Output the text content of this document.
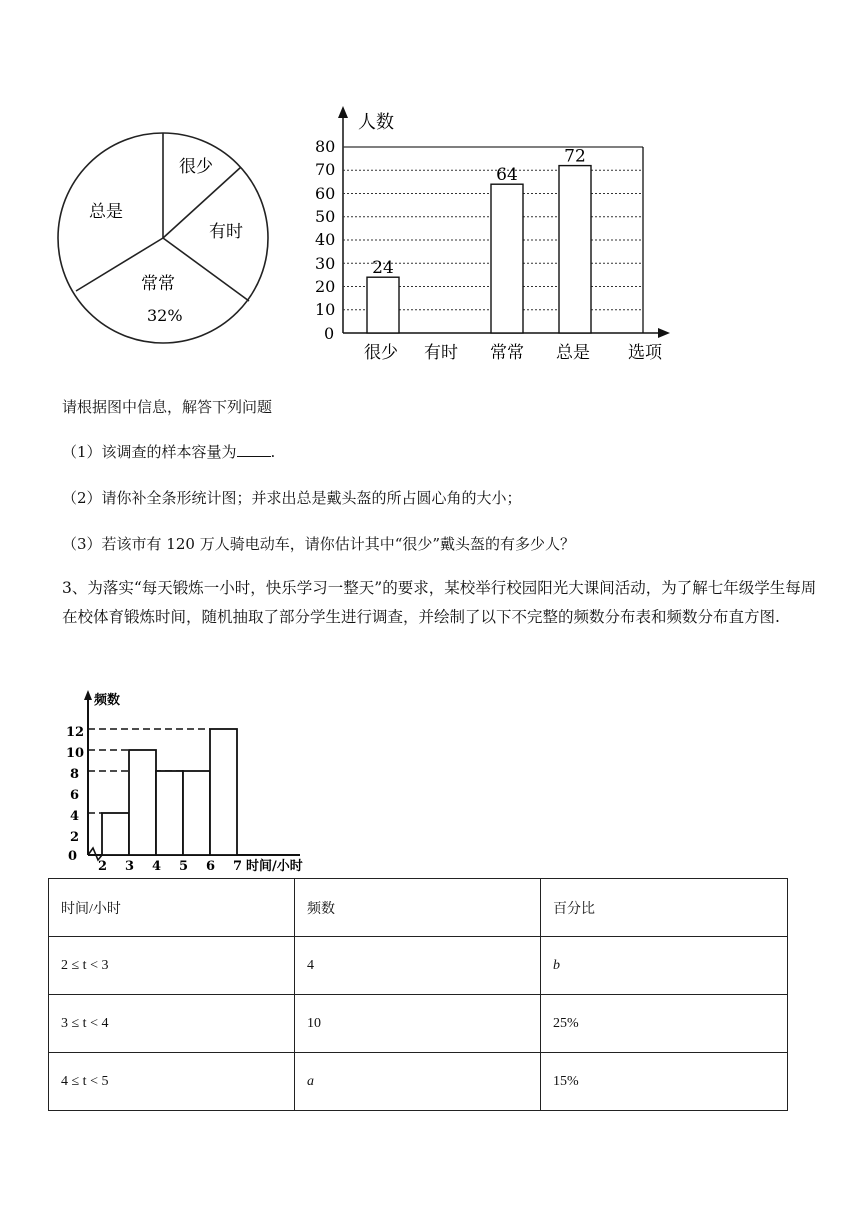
很少
有时
常常
32%
总是
80
70
60
50
40
30
20
10
0
人数
24
64
72
很少 有时 常常 总是 选项
请根据图中信息，解答下列问题
（1）该调查的样本容量为 .
（2）请你补全条形统计图；并求出总是戴头盔的所占圆心角的大小；
（3）若该市有 120 万人骑电动车，请你估计其中“很少”戴头盔的有多少人？
3、为落实“每天锻炼一小时，快乐学习一整天”的要求，某校举行校园阳光大课间活动，为了解七年级学生每周在校体育锻炼时间，随机抽取了部分学生进行调查，并绘制了以下不完整的频数分布表和频数分布直方图.
频数
12
10
8
6
4
2
0
2 3 4 5 6 7 时间/小时
时间/小时	频数	百分比
2 ≤ t < 3	4	b
3 ≤ t < 4	10	25%
4 ≤ t < 5	a	15%
